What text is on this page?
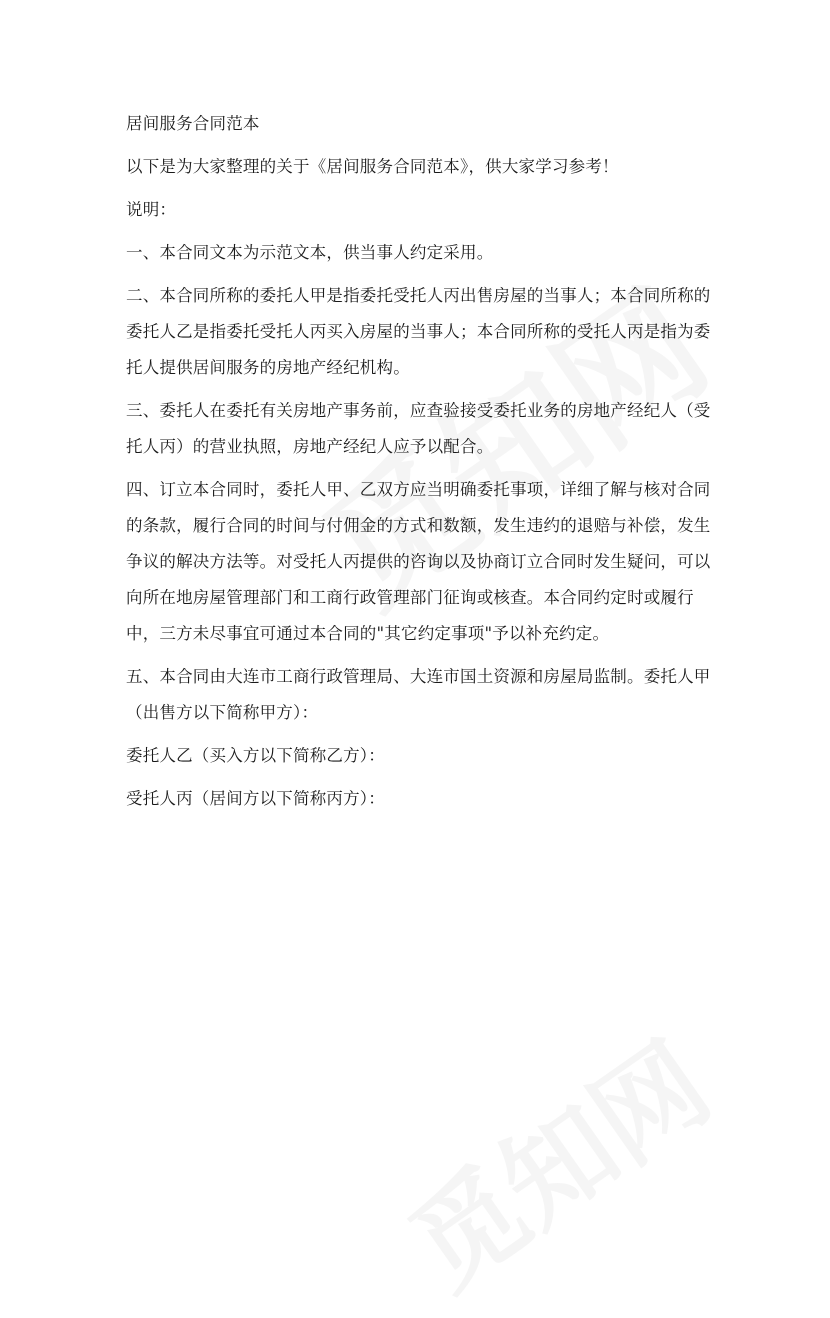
居间服务合同范本

以下是为大家整理的关于《居间服务合同范本》，供大家学习参考！

说明：

一、本合同文本为示范文本，供当事人约定采用。

二、本合同所称的委托人甲是指委托受托人丙出售房屋的当事人；本合同所称的委托人乙是指委托受托人丙买入房屋的当事人；本合同所称的受托人丙是指为委托人提供居间服务的房地产经纪机构。

三、委托人在委托有关房地产事务前，应查验接受委托业务的房地产经纪人（受托人丙）的营业执照，房地产经纪人应予以配合。

四、订立本合同时，委托人甲、乙双方应当明确委托事项，详细了解与核对合同的条款，履行合同的时间与付佣金的方式和数额，发生违约的退赔与补偿，发生争议的解决方法等。对受托人丙提供的咨询以及协商订立合同时发生疑问，可以向所在地房屋管理部门和工商行政管理部门征询或核查。本合同约定时或履行中，三方未尽事宜可通过本合同的"其它约定事项"予以补充约定。

五、本合同由大连市工商行政管理局、大连市国土资源和房屋局监制。委托人甲（出售方以下简称甲方）：

委托人乙（买入方以下简称乙方）：

受托人丙（居间方以下简称丙方）：
